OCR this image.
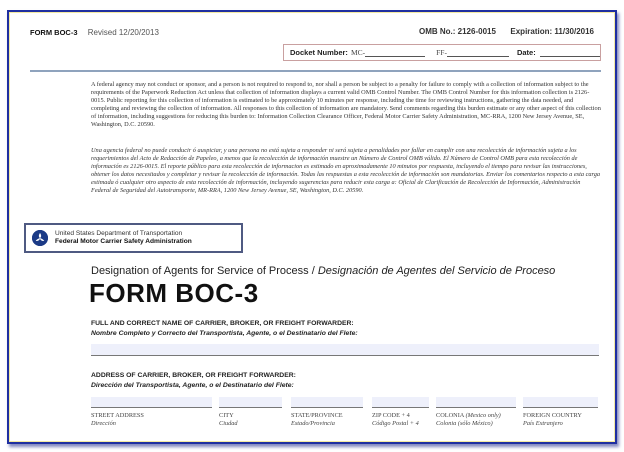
FORM BOC-3 Revised 12/20/2013	OMB No.: 2126-0015 Expiration: 11/30/2016
Docket Number: MC-	FF-	Date:

A federal agency may not conduct or sponsor, and a person is not required to respond to, nor shall a person be subject to a penalty for failure to comply with a collection of information subject to the requirements of the Paperwork Reduction Act unless that collection of information displays a current valid OMB Control Number. The OMB Control Number for this information collection is 2126-0015. Public reporting for this collection of information is estimated to be approximately 10 minutes per response, including the time for reviewing instructions, gathering the data needed, and completing and reviewing the collection of information. All responses to this collection of information are mandatory. Send comments regarding this burden estimate or any other aspect of this collection of information, including suggestions for reducing this burden to: Information Collection Clearance Officer, Federal Motor Carrier Safety Administration, MC-RRA, 1200 New Jersey Avenue, SE, Washington, D.C. 20590.

Una agencia federal no puede conducir ó auspiciar, y una persona no está sujeta a responder ni será sujeta a penalidades por fallar en cumplir con una recolección de información sujeta a los requerimientos del Acto de Redacción de Papeleo, a menos que la recolección de información muestre un Número de Control OMB válido. El Número de Control OMB para esta recolección de información es 2126-0015. El reporte público para esta recolección de informacion es estimado en aproximadamente 10 minutos por respuesta, incluyendo el tiempo para revisar las instrucciones, obtener los datos necesitados y completar y revisar la recolección de información. Todas las respuestas a esta recolección de información son mandatorias. Enviar los comentarios respecto a esta carga estimada ó cualquier otro aspecto de esta recolección de información, incluyendo sugerencias para reducir esta carga a: Oficial de Clarificación de Recolección de Información, Administración Federal de Seguridad del Autotransporte, MR-RRA, 1200 New Jersey Avenue, SE, Washington, D.C. 20590.

United States Department of Transportation
Federal Motor Carrier Safety Administration
Designation of Agents for Service of Process / Designación de Agentes del Servicio de Proceso
FORM BOC-3
FULL AND CORRECT NAME OF CARRIER, BROKER, OR FREIGHT FORWARDER:
Nombre Completo y Correcto del Transportista, Agente, o el Destinatario del Flete:
ADDRESS OF CARRIER, BROKER, OR FREIGHT FORWARDER:
Dirección del Transportista, Agente, o el Destinatario del Flete:
STREET ADDRESS
Dirección
CITY
Ciudad
STATE/PROVINCE
Estado/Provincia
ZIP CODE + 4
Código Postal + 4
COLONIA (Mexico only)
Colonia (sólo México)
FOREIGN COUNTRY
País Extranjero
